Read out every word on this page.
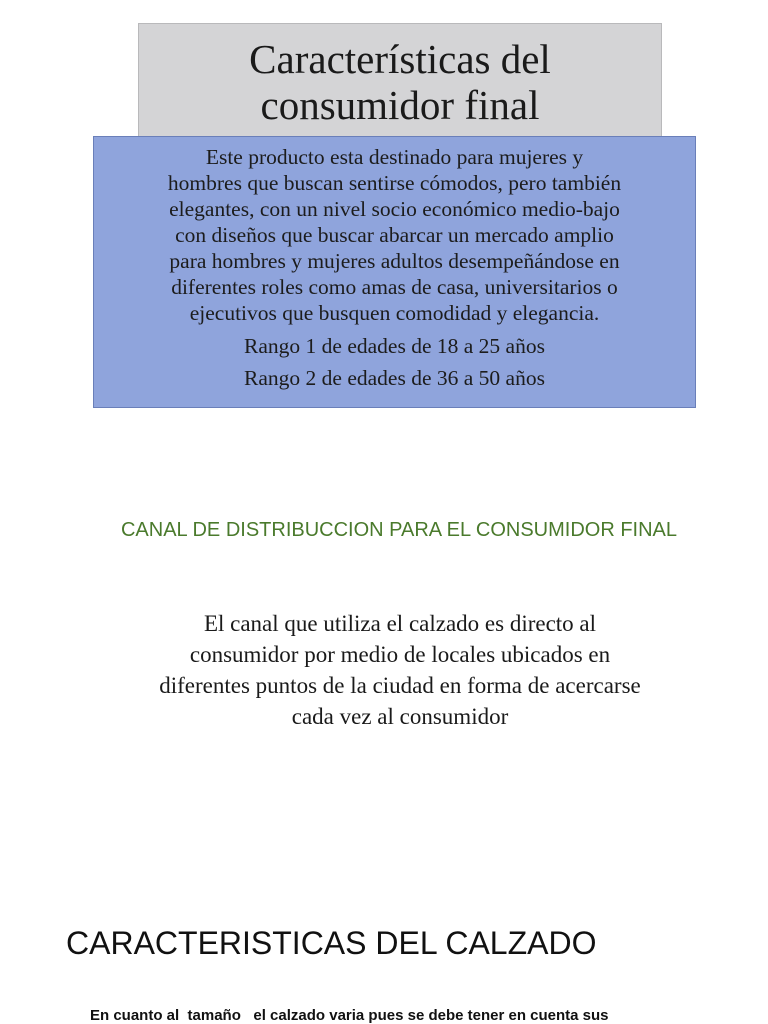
Características del
consumidor final
Este producto esta destinado para mujeres y
hombres que buscan sentirse cómodos, pero también
elegantes, con un nivel socio económico medio-bajo
con diseños que buscar abarcar un mercado amplio
para hombres y mujeres adultos desempeñándose en
diferentes roles como amas de casa, universitarios o
ejecutivos que busquen comodidad y elegancia.
Rango 1 de edades de 18 a 25 años
Rango 2 de edades de 36 a 50 años
CANAL DE DISTRIBUCCION PARA EL CONSUMIDOR FINAL
El canal que utiliza el calzado es directo al
consumidor por medio de locales ubicados en
diferentes puntos de la ciudad en forma de acercarse
cada vez al consumidor
CARACTERISTICAS DEL CALZADO
En cuanto al  tamaño   el calzado varia pues se debe tener en cuenta sus
